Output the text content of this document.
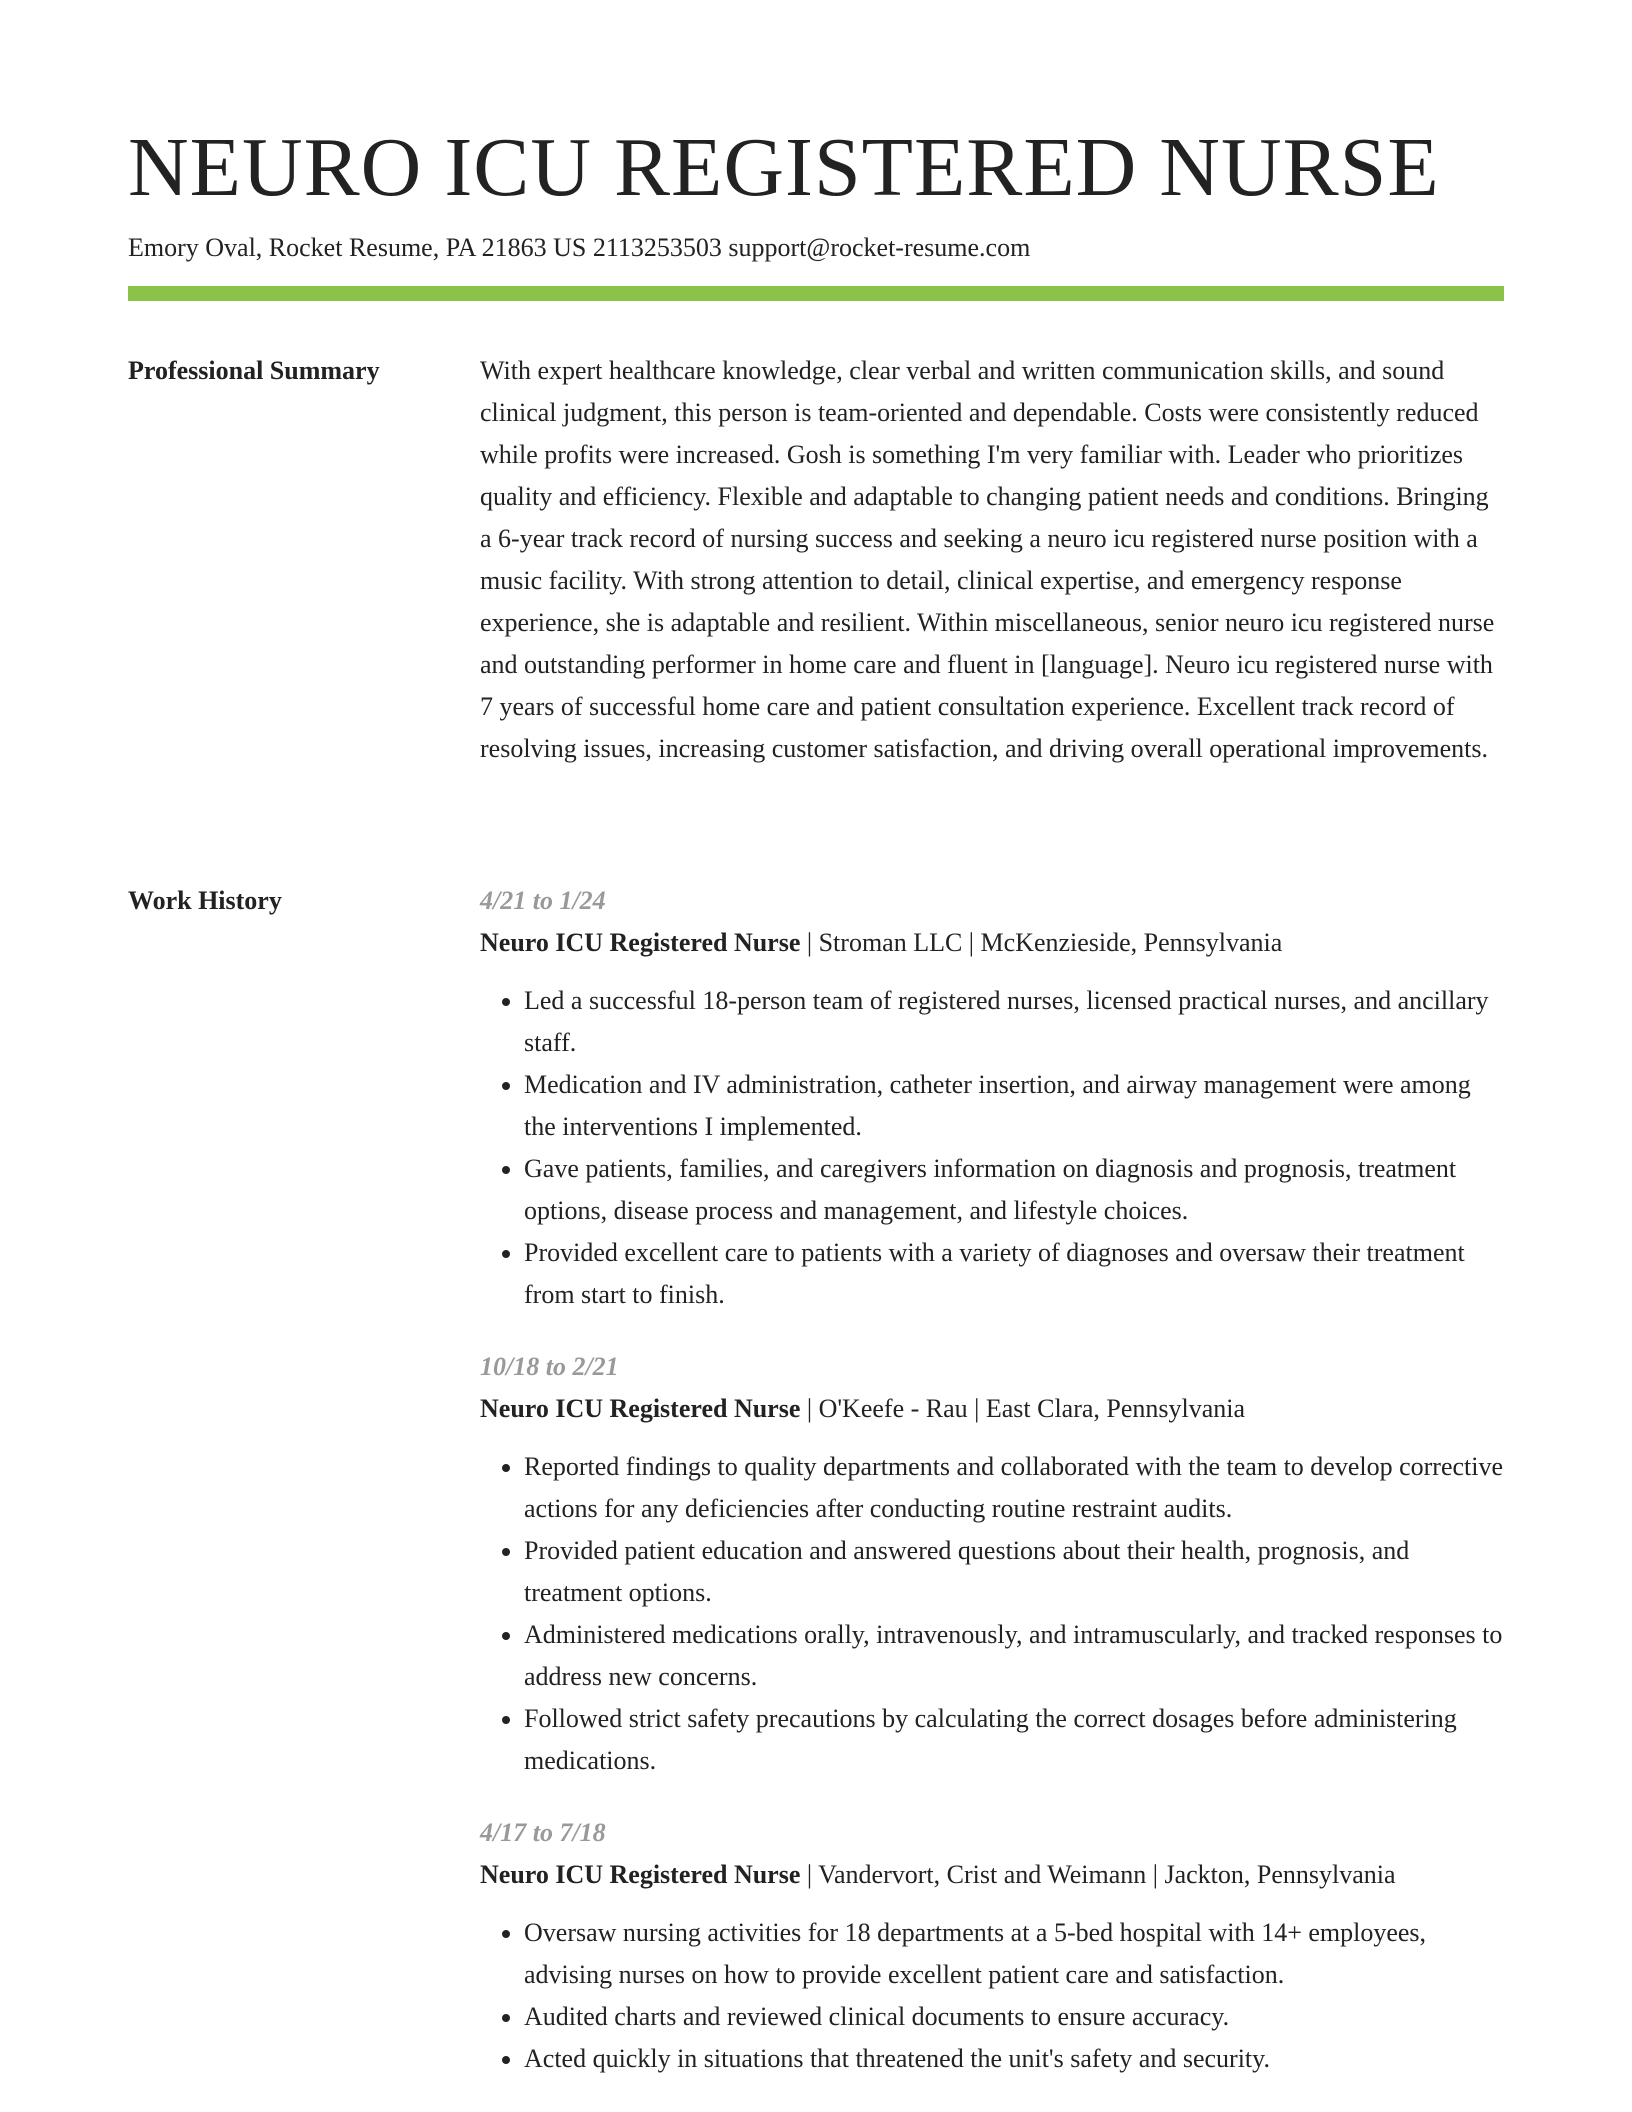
NEURO ICU REGISTERED NURSE
Emory Oval, Rocket Resume, PA 21863 US 2113253503 support@rocket-resume.com
Professional Summary	With expert healthcare knowledge, clear verbal and written communication skills, and sound clinical judgment, this person is team-oriented and dependable. Costs were consistently reduced while profits were increased. Gosh is something I'm very familiar with. Leader who prioritizes quality and efficiency. Flexible and adaptable to changing patient needs and conditions. Bringing a 6-year track record of nursing success and seeking a neuro icu registered nurse position with a music facility. With strong attention to detail, clinical expertise, and emergency response experience, she is adaptable and resilient. Within miscellaneous, senior neuro icu registered nurse and outstanding performer in home care and fluent in [language]. Neuro icu registered nurse with 7 years of successful home care and patient consultation experience. Excellent track record of resolving issues, increasing customer satisfaction, and driving overall operational improvements.

Work History	4/21 to 1/24
Neuro ICU Registered Nurse | Stroman LLC | McKenzieside, Pennsylvania
• Led a successful 18-person team of registered nurses, licensed practical nurses, and ancillary staff.
• Medication and IV administration, catheter insertion, and airway management were among the interventions I implemented.
• Gave patients, families, and caregivers information on diagnosis and prognosis, treatment options, disease process and management, and lifestyle choices.
• Provided excellent care to patients with a variety of diagnoses and oversaw their treatment from start to finish.
10/18 to 2/21
Neuro ICU Registered Nurse | O'Keefe - Rau | East Clara, Pennsylvania
• Reported findings to quality departments and collaborated with the team to develop corrective actions for any deficiencies after conducting routine restraint audits.
• Provided patient education and answered questions about their health, prognosis, and treatment options.
• Administered medications orally, intravenously, and intramuscularly, and tracked responses to address new concerns.
• Followed strict safety precautions by calculating the correct dosages before administering medications.
4/17 to 7/18
Neuro ICU Registered Nurse | Vandervort, Crist and Weimann | Jackton, Pennsylvania
• Oversaw nursing activities for 18 departments at a 5-bed hospital with 14+ employees, advising nurses on how to provide excellent patient care and satisfaction.
• Audited charts and reviewed clinical documents to ensure accuracy.
• Acted quickly in situations that threatened the unit's safety and security.
